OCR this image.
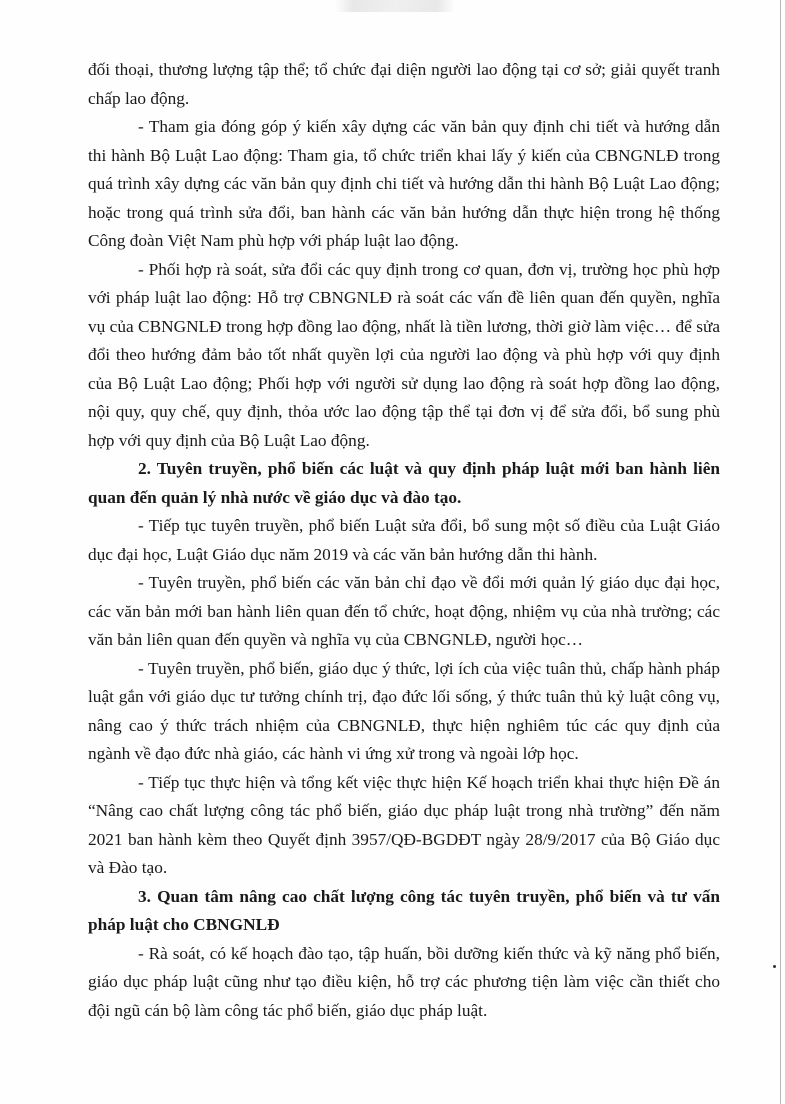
đối thoại, thương lượng tập thể; tổ chức đại diện người lao động tại cơ sở; giải quyết tranh chấp lao động.

- Tham gia đóng góp ý kiến xây dựng các văn bản quy định chi tiết và hướng dẫn thi hành Bộ Luật Lao động: Tham gia, tổ chức triển khai lấy ý kiến của CBNGNLĐ trong quá trình xây dựng các văn bản quy định chi tiết và hướng dẫn thi hành Bộ Luật Lao động; hoặc trong quá trình sửa đổi, ban hành các văn bản hướng dẫn thực hiện trong hệ thống Công đoàn Việt Nam phù hợp với pháp luật lao động.

- Phối hợp rà soát, sửa đổi các quy định trong cơ quan, đơn vị, trường học phù hợp với pháp luật lao động: Hỗ trợ CBNGNLĐ rà soát các vấn đề liên quan đến quyền, nghĩa vụ của CBNGNLĐ trong hợp đồng lao động, nhất là tiền lương, thời giờ làm việc… để sửa đổi theo hướng đảm bảo tốt nhất quyền lợi của người lao động và phù hợp với quy định của Bộ Luật Lao động; Phối hợp với người sử dụng lao động rà soát hợp đồng lao động, nội quy, quy chế, quy định, thỏa ước lao động tập thể tại đơn vị để sửa đổi, bổ sung phù hợp với quy định của Bộ Luật Lao động.

2. Tuyên truyền, phổ biến các luật và quy định pháp luật mới ban hành liên quan đến quản lý nhà nước về giáo dục và đào tạo.

- Tiếp tục tuyên truyền, phổ biến Luật sửa đổi, bổ sung một số điều của Luật Giáo dục đại học, Luật Giáo dục năm 2019 và các văn bản hướng dẫn thi hành.

- Tuyên truyền, phổ biến các văn bản chỉ đạo về đổi mới quản lý giáo dục đại học, các văn bản mới ban hành liên quan đến tổ chức, hoạt động, nhiệm vụ của nhà trường; các văn bản liên quan đến quyền và nghĩa vụ của CBNGNLĐ, người học…

- Tuyên truyền, phổ biến, giáo dục ý thức, lợi ích của việc tuân thủ, chấp hành pháp luật gắn với giáo dục tư tưởng chính trị, đạo đức lối sống, ý thức tuân thủ kỷ luật công vụ, nâng cao ý thức trách nhiệm của CBNGNLĐ, thực hiện nghiêm túc các quy định của ngành về đạo đức nhà giáo, các hành vi ứng xử trong và ngoài lớp học.

- Tiếp tục thực hiện và tổng kết việc thực hiện Kế hoạch triển khai thực hiện Đề án “Nâng cao chất lượng công tác phổ biến, giáo dục pháp luật trong nhà trường” đến năm 2021 ban hành kèm theo Quyết định 3957/QĐ-BGDĐT ngày 28/9/2017 của Bộ Giáo dục và Đào tạo.

3. Quan tâm nâng cao chất lượng công tác tuyên truyền, phổ biến và tư vấn pháp luật cho CBNGNLĐ

- Rà soát, có kế hoạch đào tạo, tập huấn, bồi dưỡng kiến thức và kỹ năng phổ biến, giáo dục pháp luật cũng như tạo điều kiện, hỗ trợ các phương tiện làm việc cần thiết cho đội ngũ cán bộ làm công tác phổ biến, giáo dục pháp luật.
